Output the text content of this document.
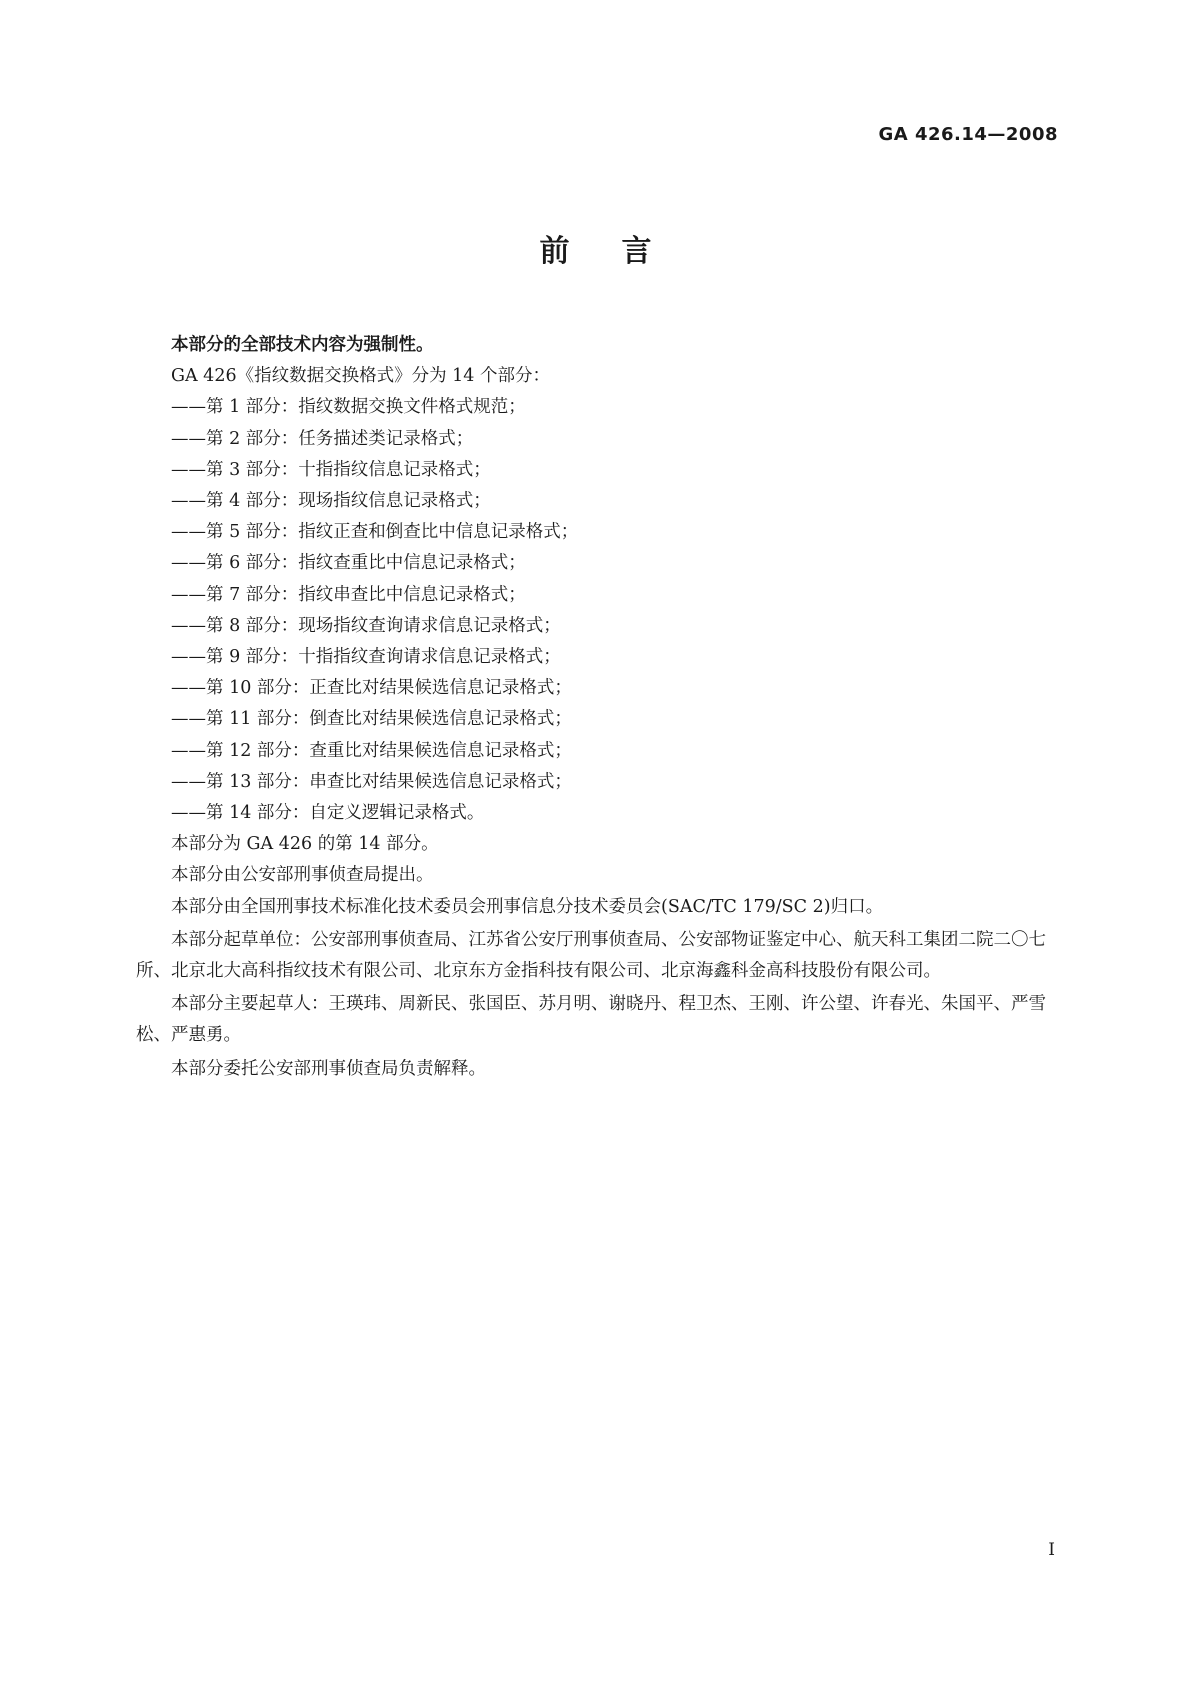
GA 426.14—2008
前言

本部分的全部技术内容为强制性。

GA 426《指纹数据交换格式》分为 14 个部分：

——第 1 部分：指纹数据交换文件格式规范；
——第 2 部分：任务描述类记录格式；
——第 3 部分：十指指纹信息记录格式；
——第 4 部分：现场指纹信息记录格式；
——第 5 部分：指纹正查和倒查比中信息记录格式；
——第 6 部分：指纹查重比中信息记录格式；
——第 7 部分：指纹串查比中信息记录格式；
——第 8 部分：现场指纹查询请求信息记录格式；
——第 9 部分：十指指纹查询请求信息记录格式；
——第 10 部分：正查比对结果候选信息记录格式；
——第 11 部分：倒查比对结果候选信息记录格式；
——第 12 部分：查重比对结果候选信息记录格式；
——第 13 部分：串查比对结果候选信息记录格式；
——第 14 部分：自定义逻辑记录格式。

本部分为 GA 426 的第 14 部分。

本部分由公安部刑事侦查局提出。

本部分由全国刑事技术标准化技术委员会刑事信息分技术委员会(SAC/TC 179/SC 2)归口。

本部分起草单位：公安部刑事侦查局、江苏省公安厅刑事侦查局、公安部物证鉴定中心、航天科工集团二院二〇七所、北京北大高科指纹技术有限公司、北京东方金指科技有限公司、北京海鑫科金高科技股份有限公司。

本部分主要起草人：王瑛玮、周新民、张国臣、苏月明、谢晓丹、程卫杰、王刚、许公望、许春光、朱国平、严雪松、严惠勇。

本部分委托公安部刑事侦查局负责解释。

I
